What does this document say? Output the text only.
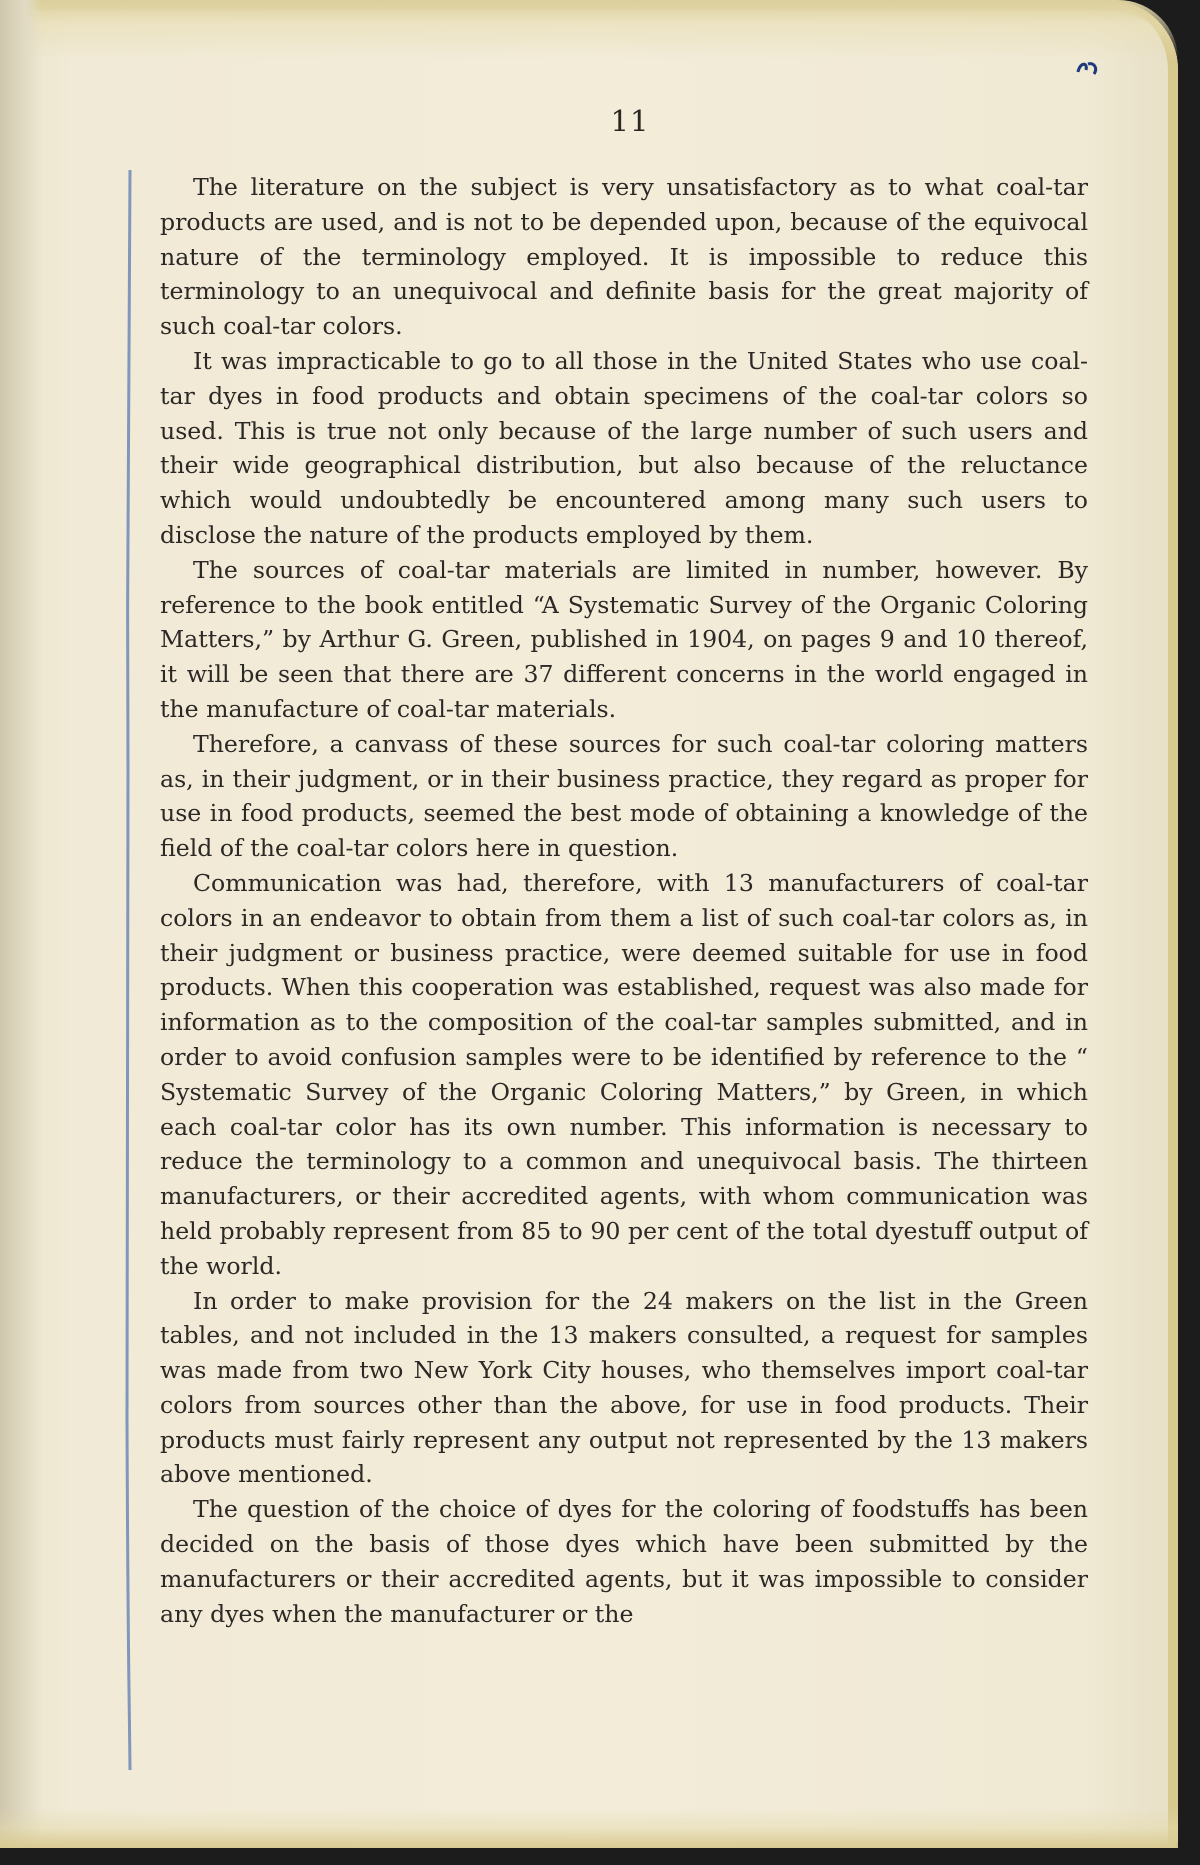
11

The literature on the subject is very unsatisfactory as to what coal-tar products are used, and is not to be depended upon, because of the equivocal nature of the terminology employed. It is impossible to reduce this terminology to an unequivocal and definite basis for the great majority of such coal-tar colors.

It was impracticable to go to all those in the United States who use coal-tar dyes in food products and obtain specimens of the coal-tar colors so used. This is true not only because of the large number of such users and their wide geographical distribution, but also because of the reluctance which would undoubtedly be encountered among many such users to disclose the nature of the products employed by them.

The sources of coal-tar materials are limited in number, however. By reference to the book entitled “A Systematic Survey of the Organic Coloring Matters,” by Arthur G. Green, published in 1904, on pages 9 and 10 thereof, it will be seen that there are 37 different concerns in the world engaged in the manufacture of coal-tar materials.

Therefore, a canvass of these sources for such coal-tar coloring matters as, in their judgment, or in their business practice, they regard as proper for use in food products, seemed the best mode of obtaining a knowledge of the field of the coal-tar colors here in question.

Communication was had, therefore, with 13 manufacturers of coal-tar colors in an endeavor to obtain from them a list of such coal-tar colors as, in their judgment or business practice, were deemed suitable for use in food products. When this cooperation was established, request was also made for information as to the composition of the coal-tar samples submitted, and in order to avoid confusion samples were to be identified by reference to the “ Systematic Survey of the Organic Coloring Matters,” by Green, in which each coal-tar color has its own number. This information is necessary to reduce the terminology to a common and unequivocal basis. The thirteen manufacturers, or their accredited agents, with whom communication was held probably represent from 85 to 90 per cent of the total dyestuff output of the world.

In order to make provision for the 24 makers on the list in the Green tables, and not included in the 13 makers consulted, a request for samples was made from two New York City houses, who themselves import coal-tar colors from sources other than the above, for use in food products. Their products must fairly represent any output not represented by the 13 makers above mentioned.

The question of the choice of dyes for the coloring of foodstuffs has been decided on the basis of those dyes which have been submitted by the manufacturers or their accredited agents, but it was impossible to consider any dyes when the manufacturer or the
